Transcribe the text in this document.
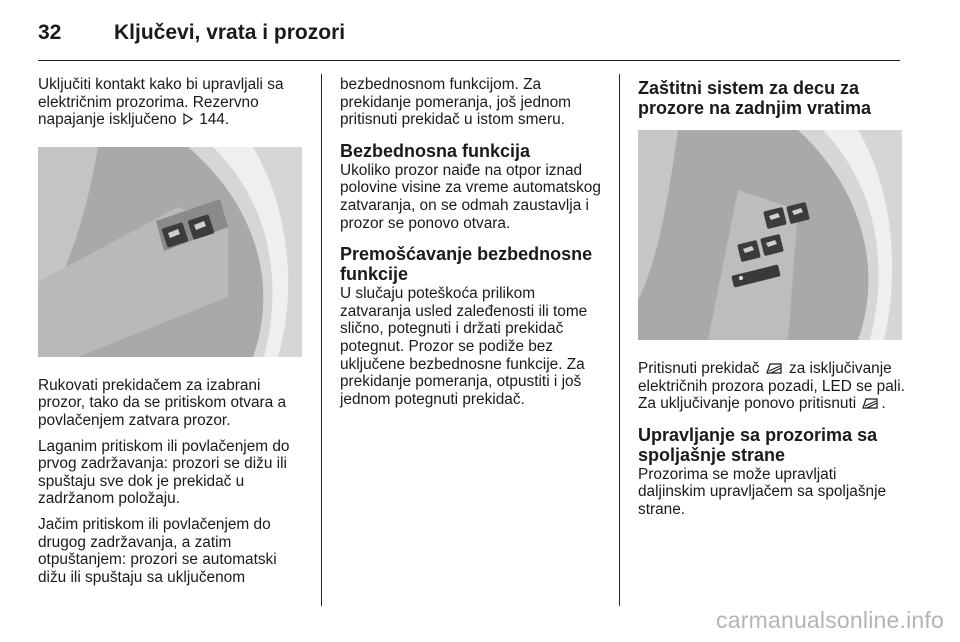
32	Ključevi, vrata i prozori

Uključiti kontakt kako bi upravljali sa električnim prozorima. Rezervno napajanje isključeno 144.

Rukovati prekidačem za izabrani prozor, tako da se pritiskom otvara a povlačenjem zatvara prozor.

Laganim pritiskom ili povlačenjem do prvog zadržavanja: prozori se dižu ili spuštaju sve dok je prekidač u zadržanom položaju.

Jačim pritiskom ili povlačenjem do drugog zadržavanja, a zatim otpuštanjem: prozori se automatski dižu ili spuštaju sa uključenom

bezbednosnom funkcijom. Za prekidanje pomeranja, još jednom pritisnuti prekidač u istom smeru.

Bezbednosna funkcija

Ukoliko prozor naiđe na otpor iznad polovine visine za vreme automatskog zatvaranja, on se odmah zaustavlja i prozor se ponovo otvara.

Premošćavanje bezbednosne funkcije

U slučaju poteškoća prilikom zatvaranja usled zaleđenosti ili tome slično, potegnuti i držati prekidač potegnut. Prozor se podiže bez uključene bezbednosne funkcije. Za prekidanje pomeranja, otpustiti i još jednom potegnuti prekidač.

Zaštitni sistem za decu za prozore na zadnjim vratima

Pritisnuti prekidač za isključivanje električnih prozora pozadi, LED se pali. Za uključivanje ponovo pritisnuti .

Upravljanje sa prozorima sa spoljašnje strane

Prozorima se može upravljati daljinskim upravljačem sa spoljašnje strane.

carmanualsonline.info
